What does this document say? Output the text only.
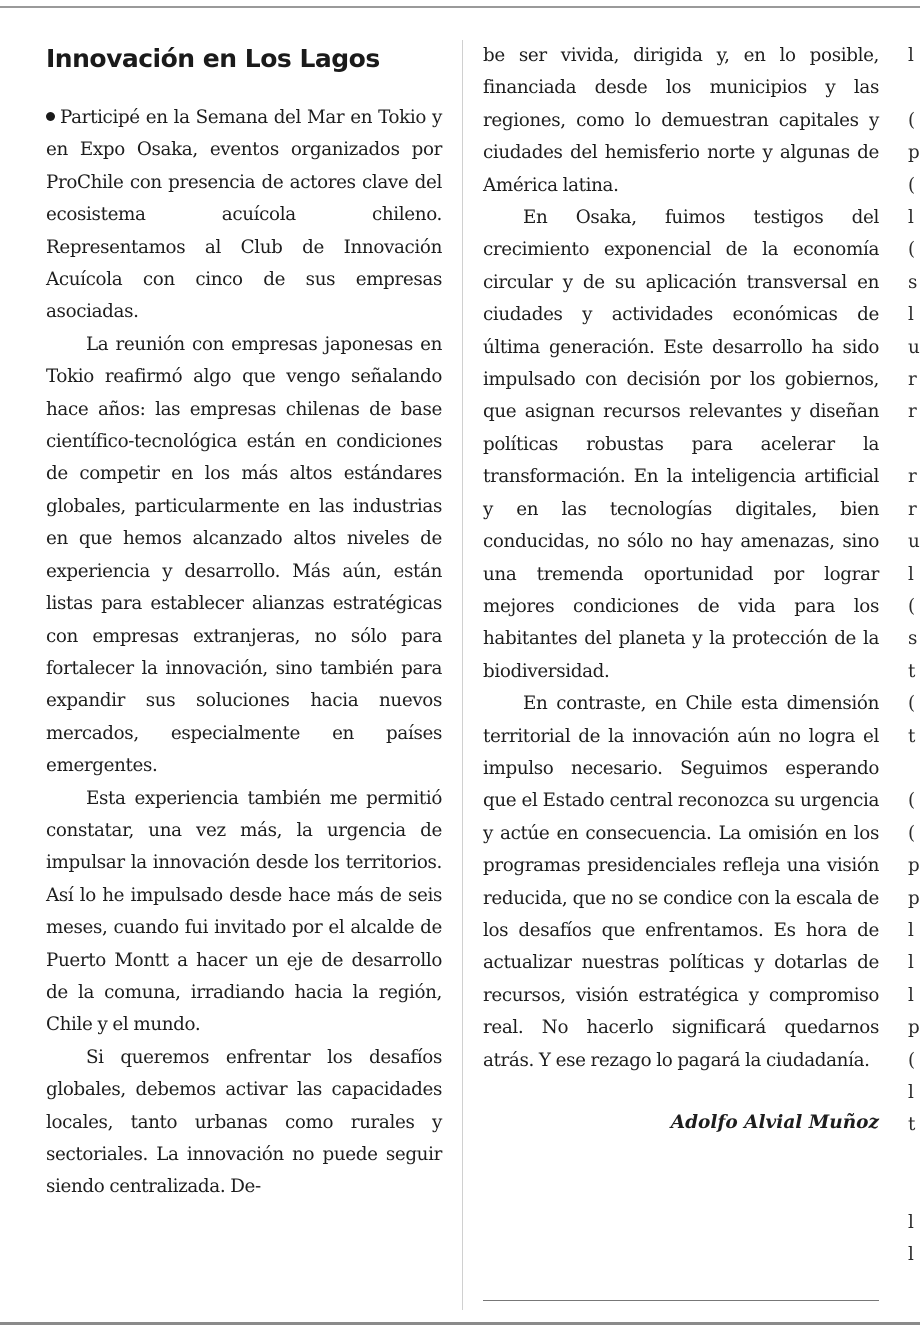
Innovación en Los Lagos

Participé en la Semana del Mar en Tokio y en Expo Osaka, eventos organizados por ProChile con presencia de actores clave del ecosistema acuícola chileno. Representamos al Club de Innovación Acuícola con cinco de sus empresas asociadas.

La reunión con empresas japonesas en Tokio reafirmó algo que vengo señalando hace años: las empresas chilenas de base científico-tecnológica están en condiciones de competir en los más altos estándares globales, particularmente en las industrias en que hemos alcanzado altos niveles de experiencia y desarrollo. Más aún, están listas para establecer alianzas estratégicas con empresas extranjeras, no sólo para fortalecer la innovación, sino también para expandir sus soluciones hacia nuevos mercados, especialmente en países emergentes.

Esta experiencia también me permitió constatar, una vez más, la urgencia de impulsar la innovación desde los territorios. Así lo he impulsado desde hace más de seis meses, cuando fui invitado por el alcalde de Puerto Montt a hacer un eje de desarrollo de la comuna, irradiando hacia la región, Chile y el mundo.

Si queremos enfrentar los desafíos globales, debemos activar las capacidades locales, tanto urbanas como rurales y sectoriales. La innovación no puede seguir siendo centralizada. De-

be ser vivida, dirigida y, en lo posible, financiada desde los municipios y las regiones, como lo demuestran capitales y ciudades del hemisferio norte y algunas de América latina.

En Osaka, fuimos testigos del crecimiento exponencial de la economía circular y de su aplicación transversal en ciudades y actividades económicas de última generación. Este desarrollo ha sido impulsado con decisión por los gobiernos, que asignan recursos relevantes y diseñan políticas robustas para acelerar la transformación. En la inteligencia artificial y en las tecnologías digitales, bien conducidas, no sólo no hay amenazas, sino una tremenda oportunidad por lograr mejores condiciones de vida para los habitantes del planeta y la protección de la biodiversidad.

En contraste, en Chile esta dimensión territorial de la innovación aún no logra el impulso necesario. Seguimos esperando que el Estado central reconozca su urgencia y actúe en consecuencia. La omisión en los programas presidenciales refleja una visión reducida, que no se condice con la escala de los desafíos que enfrentamos. Es hora de actualizar nuestras políticas y dotarlas de recursos, visión estratégica y compromiso real. No hacerlo significará quedarnos atrás. Y ese rezago lo pagará la ciudadanía.

Adolfo Alvial Muñoz

l

(
p
(
l
(
s
l
u
r
r

r
r
u
l
(
s
t
(
t

(
(
p
p
l
l
l
p
(
l
t

l
l
